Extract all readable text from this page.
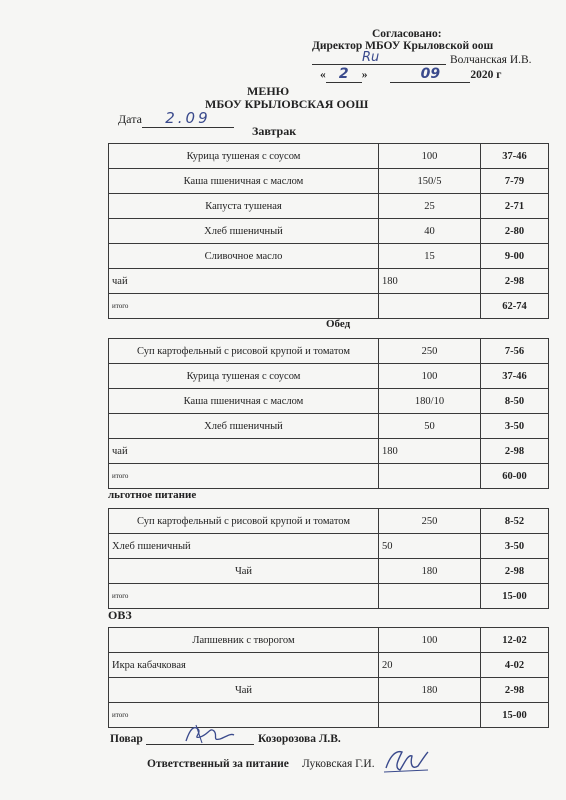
Согласовано:
Директор МБОУ Крыловской оош
Ru	Волчанская И.В.
« 2 »	09	2020 г
МЕНЮ
МБОУ КРЫЛОВСКАЯ ООШ
Дата 2.09
Завтрак
Курица тушеная с соусом	100	37-46
Каша пшеничная с маслом	150/5	7-79
Капуста тушеная	25	2-71
Хлеб пшеничный	40	2-80
Сливочное масло	15	9-00
чай	180	2-98
итого		62-74
Обед
Суп картофельный с рисовой крупой и томатом	250	7-56
Курица тушеная с соусом	100	37-46
Каша пшеничная с маслом	180/10	8-50
Хлеб пшеничный	50	3-50
чай	180	2-98
итого		60-00
льготное питание
Суп картофельный с рисовой крупой и томатом	250	8-52
Хлеб пшеничный	50	3-50
Чай	180	2-98
итого		15-00
ОВЗ
Лапшевник с творогом	100	12-02
Икра кабачковая	20	4-02
Чай	180	2-98
итого		15-00
Повар	Козорозова Л.В.
Ответственный за питание Луковская Г.И.
